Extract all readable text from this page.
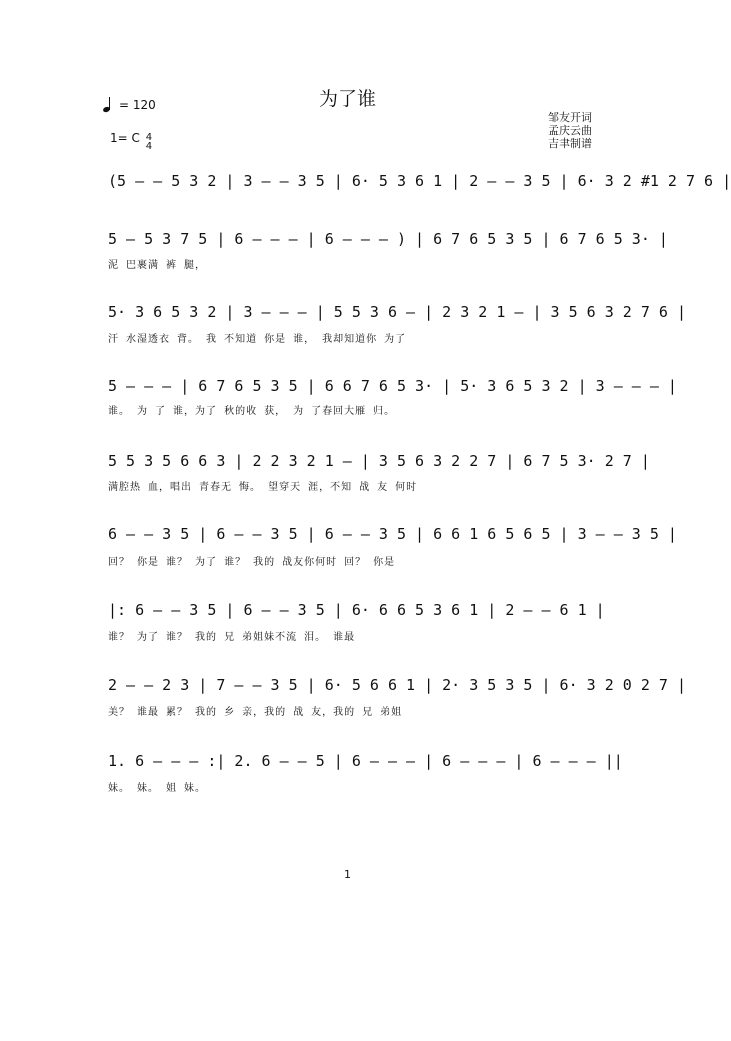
为了谁
= 120
1= C 4
4
邹友开词
孟庆云曲
吉聿制谱
(5 — — 5 3 2 | 3 — — 3 5 | 6· 5 3 6 1 | 2 — — 3 5 | 6· 3 2 #1 2 7 6 |
5 — 5 3 7 5 | 6 — — — | 6 — — — ) | 6 7 6 5 3 5 | 6 7 6 5 3· |
泥 巴裹满 裤 腿，
5· 3 6 5 3 2 | 3 — — — | 5 5 3 6 — | 2 3 2 1 — | 3 5 6 3 2 7 6 |
汗 水湿透衣 背。 我 不知道 你是 谁， 我却知道你 为了
5 — — — | 6 7 6 5 3 5 | 6 6 7 6 5 3· | 5· 3 6 5 3 2 | 3 — — — |
谁。 为 了 谁，为了 秋的收 获， 为 了春回大雁 归。
5 5 3 5 6 6 3 | 2 2 3 2 1 — | 3 5 6 3 2 2 7 | 6 7 5 3· 2 7 |
满腔热 血，唱出 青春无 悔。 望穿天 涯，不知 战 友 何时
6 — — 3 5 | 6 — — 3 5 | 6 — — 3 5 | 6 6 1 6 5 6 5 | 3 — — 3 5 |
回？ 你是 谁？ 为了 谁？ 我的 战友你何时 回？ 你是
|: 6 — — 3 5 | 6 — — 3 5 | 6· 6 6 5 3 6 1 | 2 — — 6 1 |
谁？ 为了 谁？ 我的 兄 弟姐妹不流 泪。 谁最
2 — — 2 3 | 7 — — 3 5 | 6· 5 6 6 1 | 2· 3 5 3 5 | 6· 3 2 0 2 7 |
美？ 谁最 累？ 我的 乡 亲，我的 战 友，我的 兄 弟姐
1. 6 — — — :| 2. 6 — — 5 | 6 — — — | 6 — — — | 6 — — — ||
妹。 妹。 姐 妹。
1
